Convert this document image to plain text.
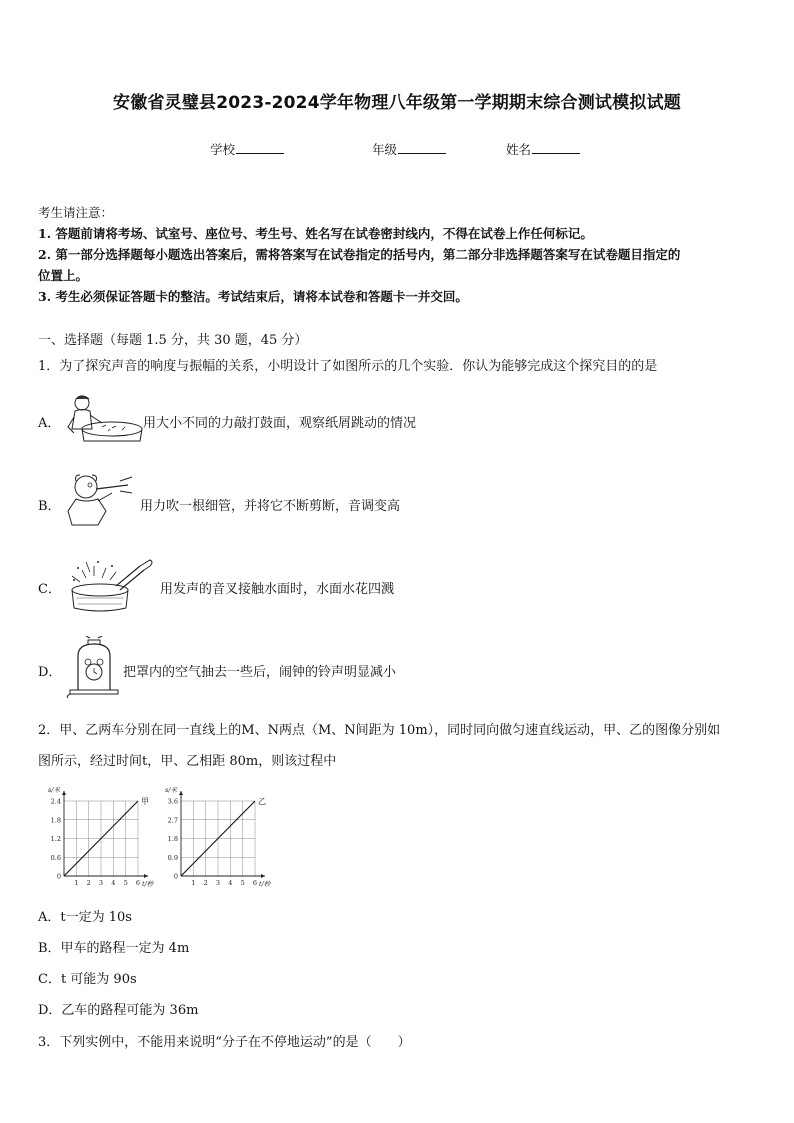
安徽省灵璧县2023-2024学年物理八年级第一学期期末综合测试模拟试题
学校	年级	姓名
考生请注意：
1. 答题前请将考场、试室号、座位号、考生号、姓名写在试卷密封线内，不得在试卷上作任何标记。
2. 第一部分选择题每小题选出答案后，需将答案写在试卷指定的括号内，第二部分非选择题答案写在试卷题目指定的
位置上。
3. 考生必须保证答题卡的整洁。考试结束后，请将本试卷和答题卡一并交回。
一、选择题（每题 1.5 分，共 30 题，45 分）
1．为了探究声音的响度与振幅的关系，小明设计了如图所示的几个实验．你认为能够完成这个探究目的的是
A．	用大小不同的力敲打鼓面，观察纸屑跳动的情况
B．	用力吹一根细管，并将它不断剪断，音调变高
C．	用发声的音叉接触水面时，水面水花四溅
D．	把罩内的空气抽去一些后，闹钟的铃声明显减小
2．甲、乙两车分别在同一直线上的M、N两点（M、N间距为 10m），同时同向做匀速直线运动，甲、乙的图像分别如
图所示，经过时间t，甲、乙相距 80m，则该过程中
1 2 3 4 5 6
0
0.6
1.2
1.8
2.4
s/米
t/秒
甲
1 2 3 4 5 6
0
0.9
1.8
2.7
3.6
s/米
t/秒
乙
A．t一定为 10s
B．甲车的路程一定为 4m
C．t 可能为 90s
D．乙车的路程可能为 36m
3．下列实例中，不能用来说明“分子在不停地运动”的是（　　）
